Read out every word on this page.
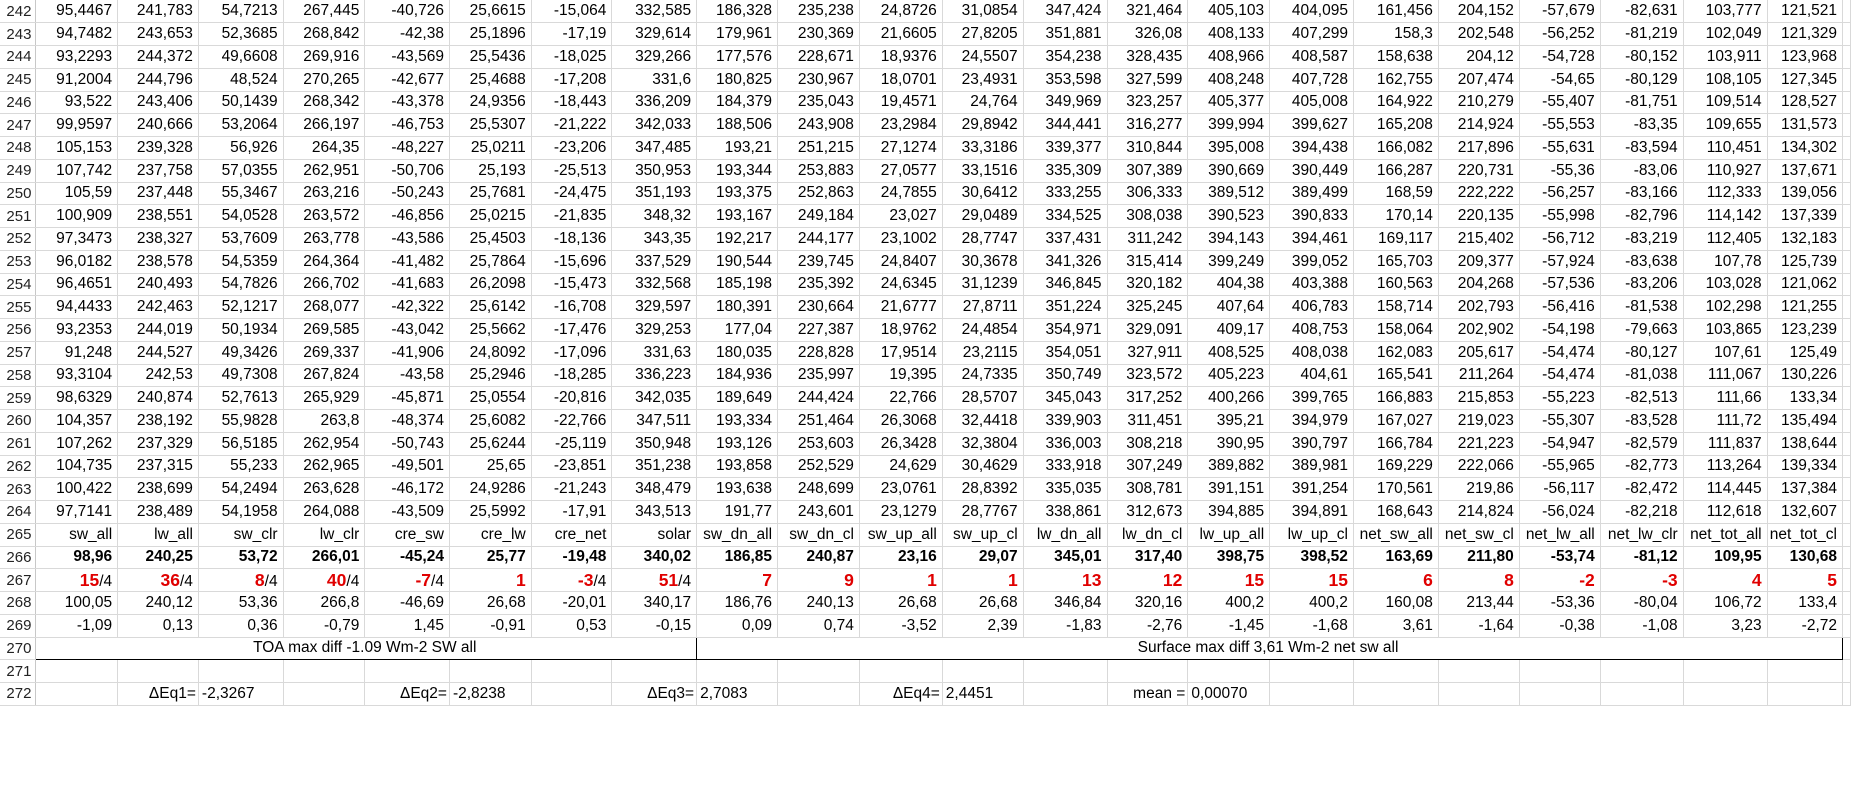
242	95,4467	241,783	54,7213	267,445	-40,726	25,6615	-15,064	332,585	186,328	235,238	24,8726	31,0854	347,424	321,464	405,103	404,095	161,456	204,152	-57,679	-82,631	103,777	121,521	
243	94,7482	243,653	52,3685	268,842	-42,38	25,1896	-17,19	329,614	179,961	230,369	21,6605	27,8205	351,881	326,08	408,133	407,299	158,3	202,548	-56,252	-81,219	102,049	121,329	
244	93,2293	244,372	49,6608	269,916	-43,569	25,5436	-18,025	329,266	177,576	228,671	18,9376	24,5507	354,238	328,435	408,966	408,587	158,638	204,12	-54,728	-80,152	103,911	123,968	
245	91,2004	244,796	48,524	270,265	-42,677	25,4688	-17,208	331,6	180,825	230,967	18,0701	23,4931	353,598	327,599	408,248	407,728	162,755	207,474	-54,65	-80,129	108,105	127,345	
246	93,522	243,406	50,1439	268,342	-43,378	24,9356	-18,443	336,209	184,379	235,043	19,4571	24,764	349,969	323,257	405,377	405,008	164,922	210,279	-55,407	-81,751	109,514	128,527	
247	99,9597	240,666	53,2064	266,197	-46,753	25,5307	-21,222	342,033	188,506	243,908	23,2984	29,8942	344,441	316,277	399,994	399,627	165,208	214,924	-55,553	-83,35	109,655	131,573	
248	105,153	239,328	56,926	264,35	-48,227	25,0211	-23,206	347,485	193,21	251,215	27,1274	33,3186	339,377	310,844	395,008	394,438	166,082	217,896	-55,631	-83,594	110,451	134,302	
249	107,742	237,758	57,0355	262,951	-50,706	25,193	-25,513	350,953	193,344	253,883	27,0577	33,1516	335,309	307,389	390,669	390,449	166,287	220,731	-55,36	-83,06	110,927	137,671	
250	105,59	237,448	55,3467	263,216	-50,243	25,7681	-24,475	351,193	193,375	252,863	24,7855	30,6412	333,255	306,333	389,512	389,499	168,59	222,222	-56,257	-83,166	112,333	139,056	
251	100,909	238,551	54,0528	263,572	-46,856	25,0215	-21,835	348,32	193,167	249,184	23,027	29,0489	334,525	308,038	390,523	390,833	170,14	220,135	-55,998	-82,796	114,142	137,339	
252	97,3473	238,327	53,7609	263,778	-43,586	25,4503	-18,136	343,35	192,217	244,177	23,1002	28,7747	337,431	311,242	394,143	394,461	169,117	215,402	-56,712	-83,219	112,405	132,183	
253	96,0182	238,578	54,5359	264,364	-41,482	25,7864	-15,696	337,529	190,544	239,745	24,8407	30,3678	341,326	315,414	399,249	399,052	165,703	209,377	-57,924	-83,638	107,78	125,739	
254	96,4651	240,493	54,7826	266,702	-41,683	26,2098	-15,473	332,568	185,198	235,392	24,6345	31,1239	346,845	320,182	404,38	403,388	160,563	204,268	-57,536	-83,206	103,028	121,062	
255	94,4433	242,463	52,1217	268,077	-42,322	25,6142	-16,708	329,597	180,391	230,664	21,6777	27,8711	351,224	325,245	407,64	406,783	158,714	202,793	-56,416	-81,538	102,298	121,255	
256	93,2353	244,019	50,1934	269,585	-43,042	25,5662	-17,476	329,253	177,04	227,387	18,9762	24,4854	354,971	329,091	409,17	408,753	158,064	202,902	-54,198	-79,663	103,865	123,239	
257	91,248	244,527	49,3426	269,337	-41,906	24,8092	-17,096	331,63	180,035	228,828	17,9514	23,2115	354,051	327,911	408,525	408,038	162,083	205,617	-54,474	-80,127	107,61	125,49	
258	93,3104	242,53	49,7308	267,824	-43,58	25,2946	-18,285	336,223	184,936	235,997	19,395	24,7335	350,749	323,572	405,223	404,61	165,541	211,264	-54,474	-81,038	111,067	130,226	
259	98,6329	240,874	52,7613	265,929	-45,871	25,0554	-20,816	342,035	189,649	244,424	22,766	28,5707	345,043	317,252	400,266	399,765	166,883	215,853	-55,223	-82,513	111,66	133,34	
260	104,357	238,192	55,9828	263,8	-48,374	25,6082	-22,766	347,511	193,334	251,464	26,3068	32,4418	339,903	311,451	395,21	394,979	167,027	219,023	-55,307	-83,528	111,72	135,494	
261	107,262	237,329	56,5185	262,954	-50,743	25,6244	-25,119	350,948	193,126	253,603	26,3428	32,3804	336,003	308,218	390,95	390,797	166,784	221,223	-54,947	-82,579	111,837	138,644	
262	104,735	237,315	55,233	262,965	-49,501	25,65	-23,851	351,238	193,858	252,529	24,629	30,4629	333,918	307,249	389,882	389,981	169,229	222,066	-55,965	-82,773	113,264	139,334	
263	100,422	238,699	54,2494	263,628	-46,172	24,9286	-21,243	348,479	193,638	248,699	23,0761	28,8392	335,035	308,781	391,151	391,254	170,561	219,86	-56,117	-82,472	114,445	137,384	
264	97,7141	238,489	54,1958	264,088	-43,509	25,5992	-17,91	343,513	191,77	243,601	23,1279	28,7767	338,861	312,673	394,885	394,891	168,643	214,824	-56,024	-82,218	112,618	132,607	
265	sw_all	lw_all	sw_clr	lw_clr	cre_sw	cre_lw	cre_net	solar	sw_dn_all	sw_dn_cl	sw_up_all	sw_up_cl	lw_dn_all	lw_dn_cl	lw_up_all	lw_up_cl	net_sw_all	net_sw_cl	net_lw_all	net_lw_clr	net_tot_all	net_tot_cl	
266	98,96	240,25	53,72	266,01	-45,24	25,77	-19,48	340,02	186,85	240,87	23,16	29,07	345,01	317,40	398,75	398,52	163,69	211,80	-53,74	-81,12	109,95	130,68	
267	15/4	36/4	8/4	40/4	-7/4	1	-3/4	51/4	7	9	1	1	13	12	15	15	6	8	-2	-3	4	5	
268	100,05	240,12	53,36	266,8	-46,69	26,68	-20,01	340,17	186,76	240,13	26,68	26,68	346,84	320,16	400,2	400,2	160,08	213,44	-53,36	-80,04	106,72	133,4	
269	-1,09	0,13	0,36	-0,79	1,45	-0,91	0,53	-0,15	0,09	0,74	-3,52	2,39	-1,83	-2,76	-1,45	-1,68	3,61	-1,64	-0,38	-1,08	3,23	-2,72	
270	TOA max diff -1.09 Wm-2 SW all								Surface max diff 3,61 Wm-2 net sw all														
271																							
272		ΔEq1=	-2,3267		ΔEq2=	-2,8238		ΔEq3=	2,7083		ΔEq4=	2,4451		mean =	0,00070								
